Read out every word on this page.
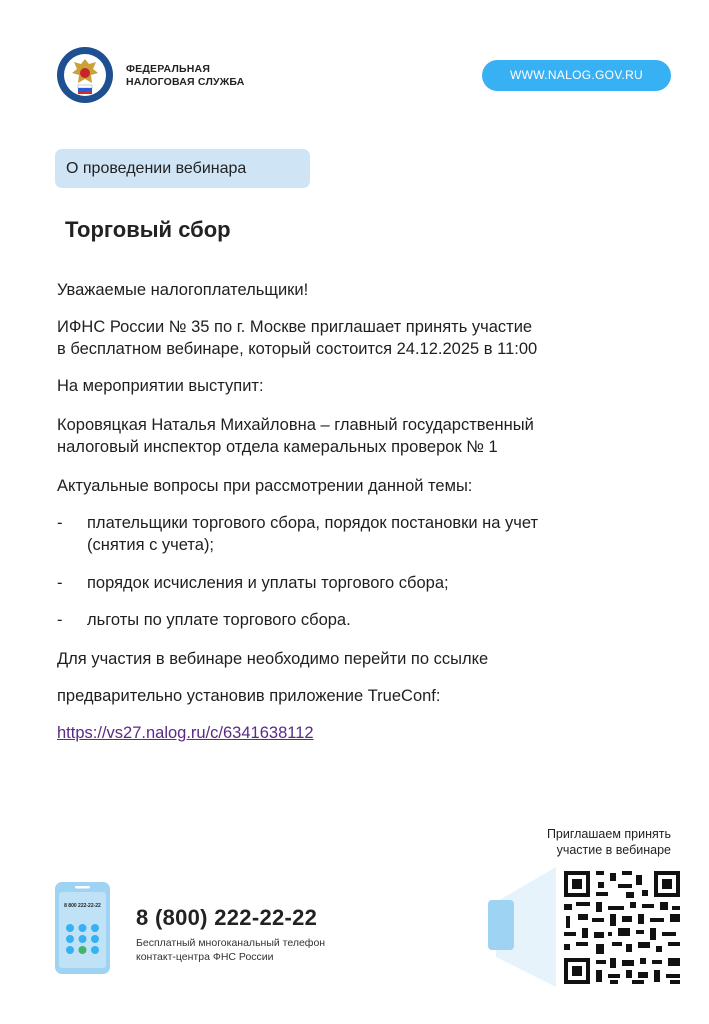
ФЕДЕРАЛЬНАЯ
НАЛОГОВАЯ СЛУЖБА	WWW.NALOG.GOV.RU
О проведении вебинара
Торговый сбор
Уважаемые налогоплательщики!
ИФНС России № 35 по г. Москве приглашает принять участие
в бесплатном вебинаре, который состоится 24.12.2025 в 11:00
На мероприятии выступит:
Коровяцкая Наталья Михайловна – главный государственный
налоговый инспектор отдела камеральных проверок № 1
Актуальные вопросы при рассмотрении данной темы:
- плательщики торгового сбора, порядок постановки на учет
(снятия с учета);
- порядок исчисления и уплаты торгового сбора;
- льготы по уплате торгового сбора.
Для участия в вебинаре необходимо перейти по ссылке
предварительно установив приложение TrueConf:
https://vs27.nalog.ru/c/6341638112
8 800 222-22-22 8 (800) 222-22-22
Бесплатный многоканальный телефон
контакт-центра ФНС России
Приглашаем принять
участие в вебинаре
